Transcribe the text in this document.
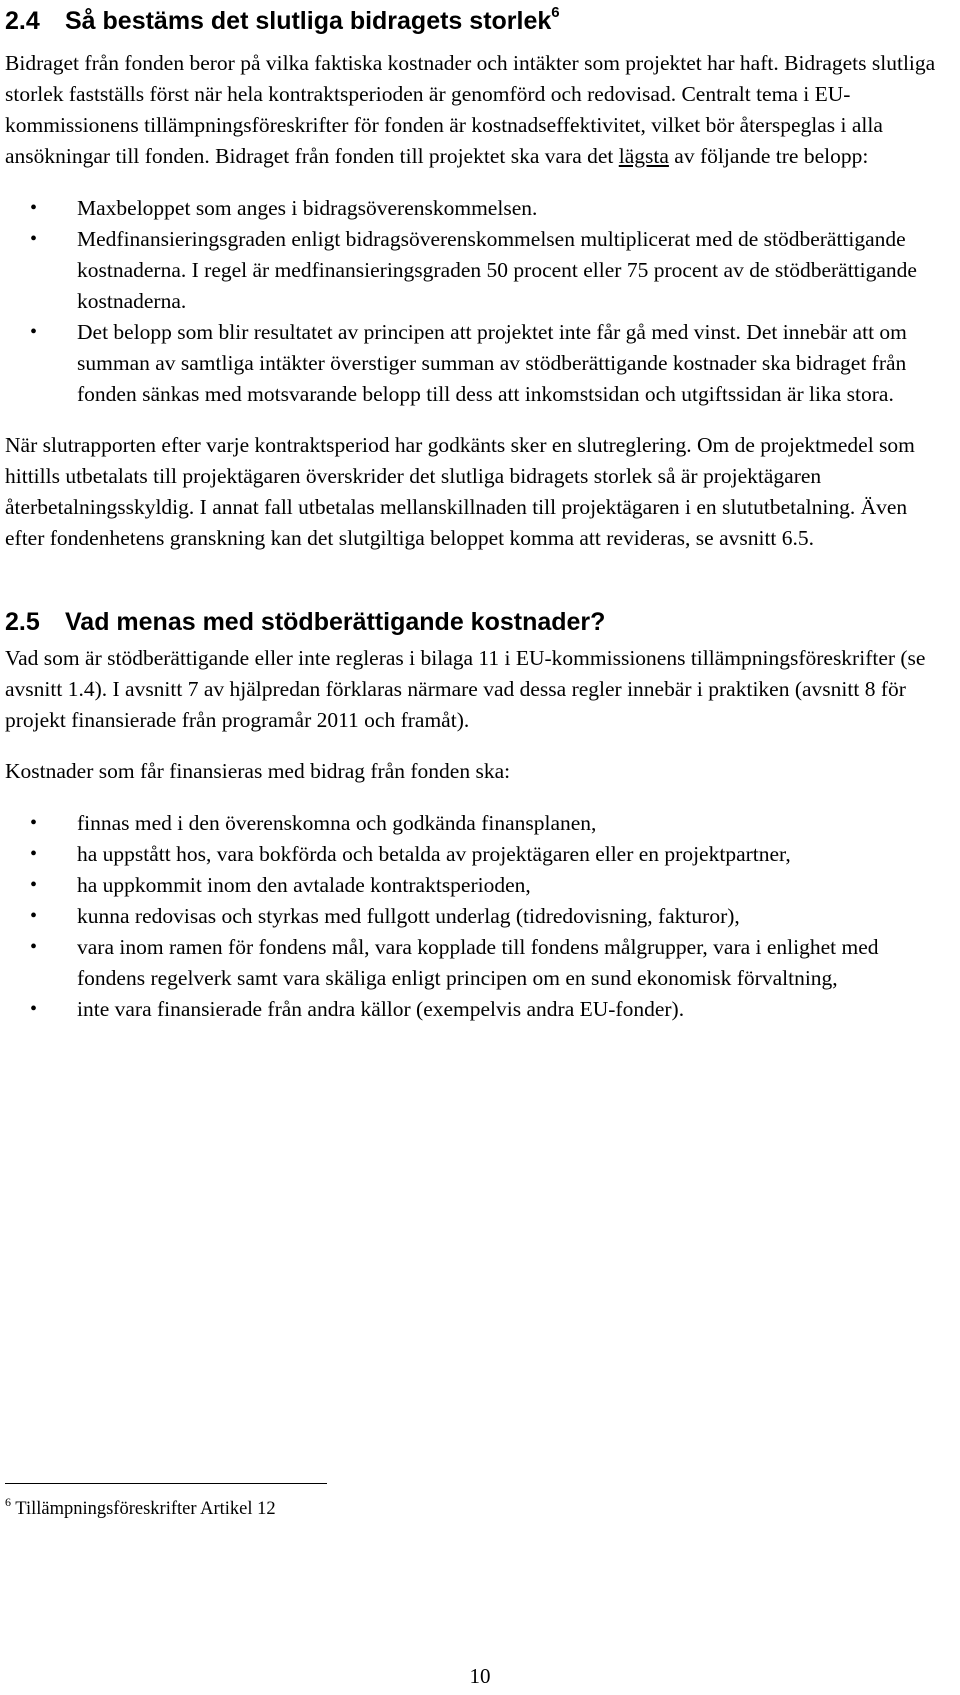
2.4 Så bestäms det slutliga bidragets storlek$^6$

Bidraget från fonden beror på vilka faktiska kostnader och intäkter som projektet har haft. Bidragets slutliga storlek fastställs först när hela kontraktsperioden är genomförd och redovisad. Centralt tema i EU-kommissionens tillämpningsföreskrifter för fonden är kostnadseffektivitet, vilket bör återspeglas i alla ansökningar till fonden. Bidraget från fonden till projektet ska vara det lägsta av följande tre belopp:

• Maxbeloppet som anges i bidragsöverenskommelsen.
• Medfinansieringsgraden enligt bidragsöverenskommelsen multiplicerat med de stödberättigande kostnaderna. I regel är medfinansieringsgraden 50 procent eller 75 procent av de stödberättigande kostnaderna.
• Det belopp som blir resultatet av principen att projektet inte får gå med vinst. Det innebär att om summan av samtliga intäkter överstiger summan av stödberättigande kostnader ska bidraget från fonden sänkas med motsvarande belopp till dess att inkomstsidan och utgiftssidan är lika stora.

När slutrapporten efter varje kontraktsperiod har godkänts sker en slutreglering. Om de projektmedel som hittills utbetalats till projektägaren överskrider det slutliga bidragets storlek så är projektägaren återbetalningsskyldig. I annat fall utbetalas mellanskillnaden till projektägaren i en slututbetalning. Även efter fondenhetens granskning kan det slutgiltiga beloppet komma att revideras, se avsnitt 6.5.

2.5 Vad menas med stödberättigande kostnader?

Vad som är stödberättigande eller inte regleras i bilaga 11 i EU-kommissionens tillämpningsföreskrifter (se avsnitt 1.4). I avsnitt 7 av hjälpredan förklaras närmare vad dessa regler innebär i praktiken (avsnitt 8 för projekt finansierade från programår 2011 och framåt).

Kostnader som får finansieras med bidrag från fonden ska:

• finnas med i den överenskomna och godkända finansplanen,
• ha uppstått hos, vara bokförda och betalda av projektägaren eller en projektpartner,
• ha uppkommit inom den avtalade kontraktsperioden,
• kunna redovisas och styrkas med fullgott underlag (tidredovisning, fakturor),
• vara inom ramen för fondens mål, vara kopplade till fondens målgrupper, vara i enlighet med fondens regelverk samt vara skäliga enligt principen om en sund ekonomisk förvaltning,
• inte vara finansierade från andra källor (exempelvis andra EU-fonder).
$^6$ Tillämpningsföreskrifter Artikel 12
10
